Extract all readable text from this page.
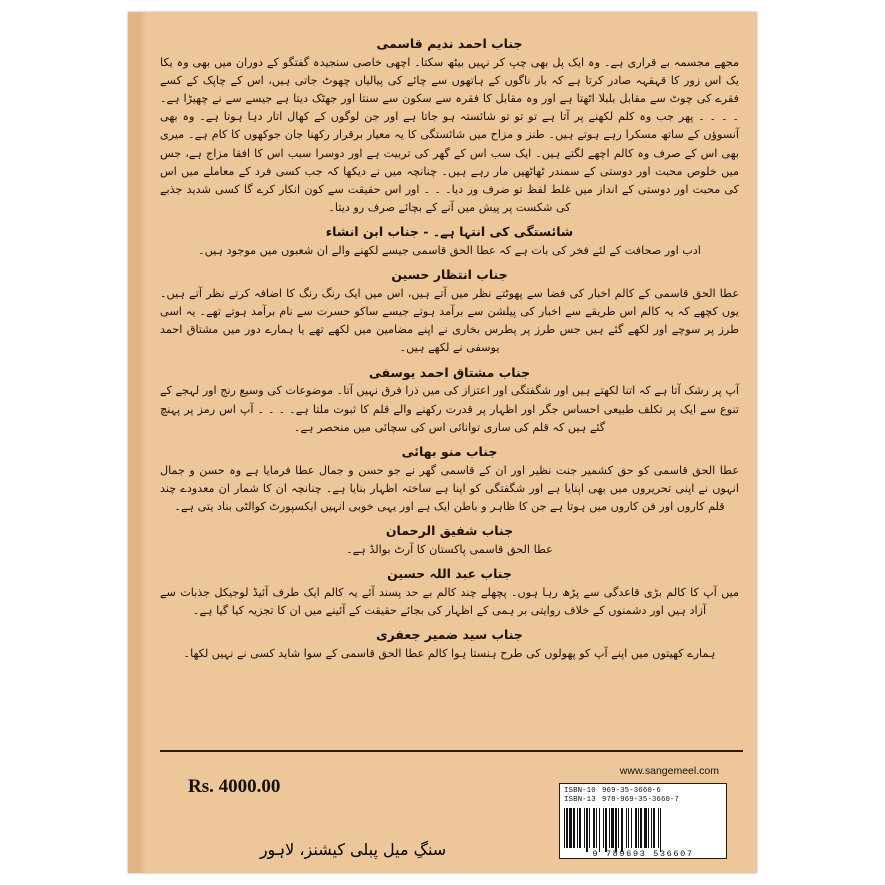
جناب احمد ندیم قاسمی
مجھے مجسمہ بے قراری ہے۔ وہ ایک پل بھی چپ کر نہیں بیٹھ سکتا۔ اچھی خاصی سنجیدہ گفتگو کے دوران میں بھی وہ یکا یک اس زور کا قہقہہ صادر کرتا ہے کہ بار ناگوں کے ہاتھوں سے چائے کی پیالیاں چھوٹ جاتی ہیں، اس کے چاپک کے کسے فقرے کی چوٹ سے مقابل بلبلا اٹھتا ہے اور وہ مقابل کا فقرہ سے سکون سے سنتا اور جھٹک دیتا ہے جیسے سے نے چھیڑا ہے۔ ۔ ۔ ۔ ۔ پھر جب وہ کلم لکھنے پر آتا ہے تو تو تو شائستہ ہو جاتا ہے اور جن لوگوں کے کھال اتار دہا ہوتا ہے۔ وہ بھی آنسوؤں کے ساتھ مسکرا رہے ہوتے ہیں۔ طنز و مزاح میں شائستگی کا یہ معیار برقرار رکھنا جان جوکھوں کا کام ہے۔ میری بھی اس کے صرف وہ کالم اچھے لگتے ہیں۔ ایک سب اس کے گھر کی تربیت ہے اور دوسرا سبب اس کا افقا مزاج ہے، جس میں خلوص محبت اور دوستی کے سمندر ٹھاٹھیں مار رہے ہیں۔ چنانچہ میں نے دیکھا کہ جب کسی فرد کے معاملے میں اس کی محبت اور دوستی کے انداز میں غلط لفظ تو ضرف ور دیا۔ ۔ ۔ اور اس حقیقت سے کون انکار کرے گا کسی شدید جذبے کی شکست پر پیش میں آنے کے بچائے صرف رو دیتا۔
شائستگی کی انتہا ہے۔ - جناب ابن انشاء
ادب اور صحافت کے لئے فخر کی بات ہے کہ عطا الحق قاسمی جیسے لکھنے والے ان شعبوں میں موجود ہیں۔
جناب انتظار حسین
عطا الحق قاسمی کے کالم اخبار کی فضا سے پھوٹتے نظر میں آتے ہیں، اس میں ایک رنگ رنگ کا اضافہ کرتے نظر آتے ہیں۔ یوں کچھے کہ یہ کالم اس طریقے سے اخبار کی پیلشن سے برآمد ہوتے جیسے ساکو حسرت سے نام برآمد ہوتے تھے۔ یہ اسی طرز پر سوچے اور لکھے گئے ہیں جس طرز پر پطرس بخاری نے اپنے مضامین میں لکھے تھے یا ہمارے دور میں مشتاق احمد یوسفی نے لکھے ہیں۔
جناب مشتاق احمد یوسفی
آپ پر رشک آتا ہے کہ اتنا لکھتے ہیں اور شگفتگی اور اعتزاز کی میں ذرا فرق نہیں آتا۔ موضوعات کی وسیع رنج اور لہجے کے تنوع سے ایک پر تکلف طبیعی احساس جگر اور اظہار پر قدرت رکھنے والے قلم کا ثبوت ملتا ہے۔ ۔ ۔ ۔ آپ اس رمز پر پہنچ گئے ہیں کہ قلم کی ساری توانائی اس کی سچائی میں منحصر ہے۔
جناب منو بھائی
عطا الحق قاسمی کو حق کشمیر جنت نظیر اور ان کے قاسمی گھر نے جو حسن و جمال عطا فرمایا ہے وہ حسن و جمال انہوں نے اپنی تحریروں میں بھی اپنایا ہے اور شگفتگی کو اپنا ہے ساختہ اظہار بنایا ہے۔ چنانچہ ان کا شمار ان معدودے چند قلم کاروں اور فن کاروں میں ہوتا ہے جن کا ظاہر و باطن ایک ہے اور یہی خوبی انہیں ایکسپورٹ کوالٹی بناد یتی ہے۔
جناب شفیق الرحمان
عطا الحق قاسمی پاکستان کا آرٹ بوالڈ ہے۔
جناب عبد اللہ حسین
میں آپ کا کالم بڑی قاعدگی سے پڑھ رہا ہوں۔ پچھلے چند کالم بے حد پسند آئے یہ کالم ایک طرف آئیڈ لوجیکل جذبات سے آزاد ہیں اور دشمنوں کے خلاف روایتی بر ہمی کے اظہار کی بجائے حقیقت کے آئینے میں ان کا تجزیہ کیا گیا ہے۔
جناب سید ضمیر جعفری
ہمارے کھیتوں میں اپنے آپ کو پھولوں کی طرح ہنستا ہوا کالم عطا الحق قاسمی کے سوا شاید کسی نے نہیں لکھا۔
Rs. 4000.00
www.sangemeel.com
سنگِ میل پبلی کیشنز، لاہور
ISBN-10 969-35-3660-6
ISBN-13 978-969-35-3660-7
9 789693 536607
